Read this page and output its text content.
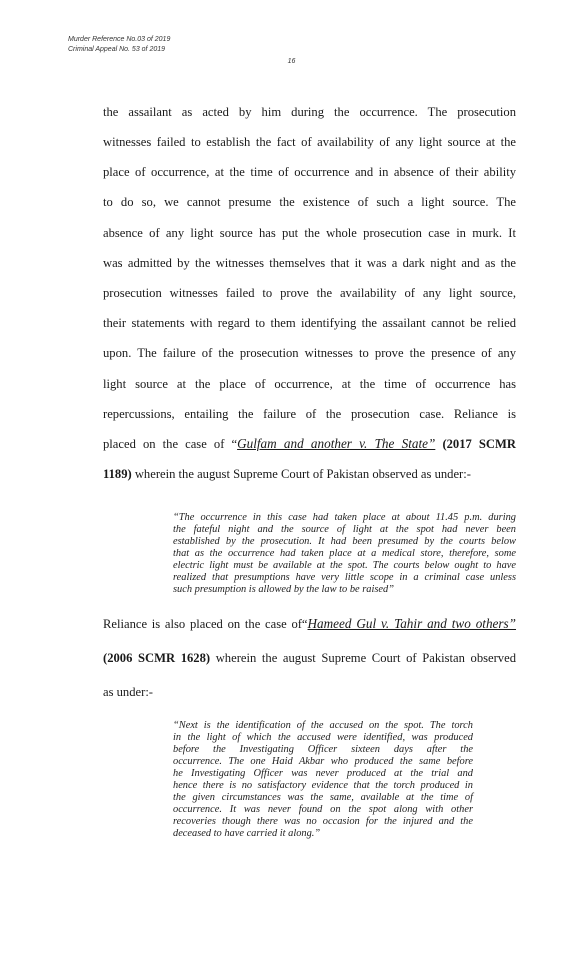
Murder Reference No.03 of 2019
Criminal Appeal No. 53 of 2019
16
the assailant as acted by him during the occurrence. The prosecution
witnesses failed to establish the fact of availability of any light source at the
place of occurrence, at the time of occurrence and in absence of their ability
to do so, we cannot presume the existence of such a light source. The
absence of any light source has put the whole prosecution case in murk. It
was admitted by the witnesses themselves that it was a dark night and as the
prosecution witnesses failed to prove the availability of any light source,
their statements with regard to them identifying the assailant cannot be relied
upon. The failure of the prosecution witnesses to prove the presence of any
light source at the place of occurrence, at the time of occurrence has
repercussions, entailing the failure of the prosecution case. Reliance is
placed on the case of “Gulfam and another v. The State” (2017 SCMR
1189) wherein the august Supreme Court of Pakistan observed as under:-
“The occurrence in this case had taken place at about 11.45 p.m. during
the fateful night and the source of light at the spot had never been
established by the prosecution. It had been presumed by the courts below
that as the occurrence had taken place at a medical store, therefore, some
electric light must be available at the spot. The courts below ought to have
realized that presumptions have very little scope in a criminal case unless
such presumption is allowed by the law to be raised”
Reliance is also placed on the case of“Hameed Gul v. Tahir and two others”
(2006 SCMR 1628) wherein the august Supreme Court of Pakistan observed
as under:-
“Next is the identification of the accused on the spot. The torch
in the light of which the accused were identified, was produced
before the Investigating Officer sixteen days after the
occurrence. The one Haid Akbar who produced the same before
he Investigating Officer was never produced at the trial and
hence there is no satisfactory evidence that the torch produced in
the given circumstances was the same, available at the time of
occurrence. It was never found on the spot along with other
recoveries though there was no occasion for the injured and the
deceased to have carried it along.”
